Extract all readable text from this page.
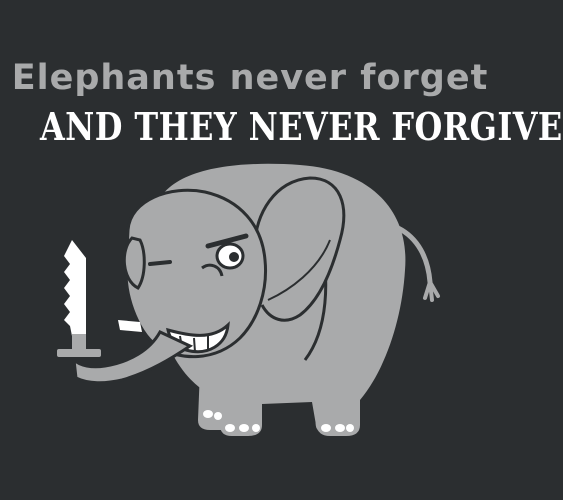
Elephants never forget
AND THEY NEVER FORGIVE
